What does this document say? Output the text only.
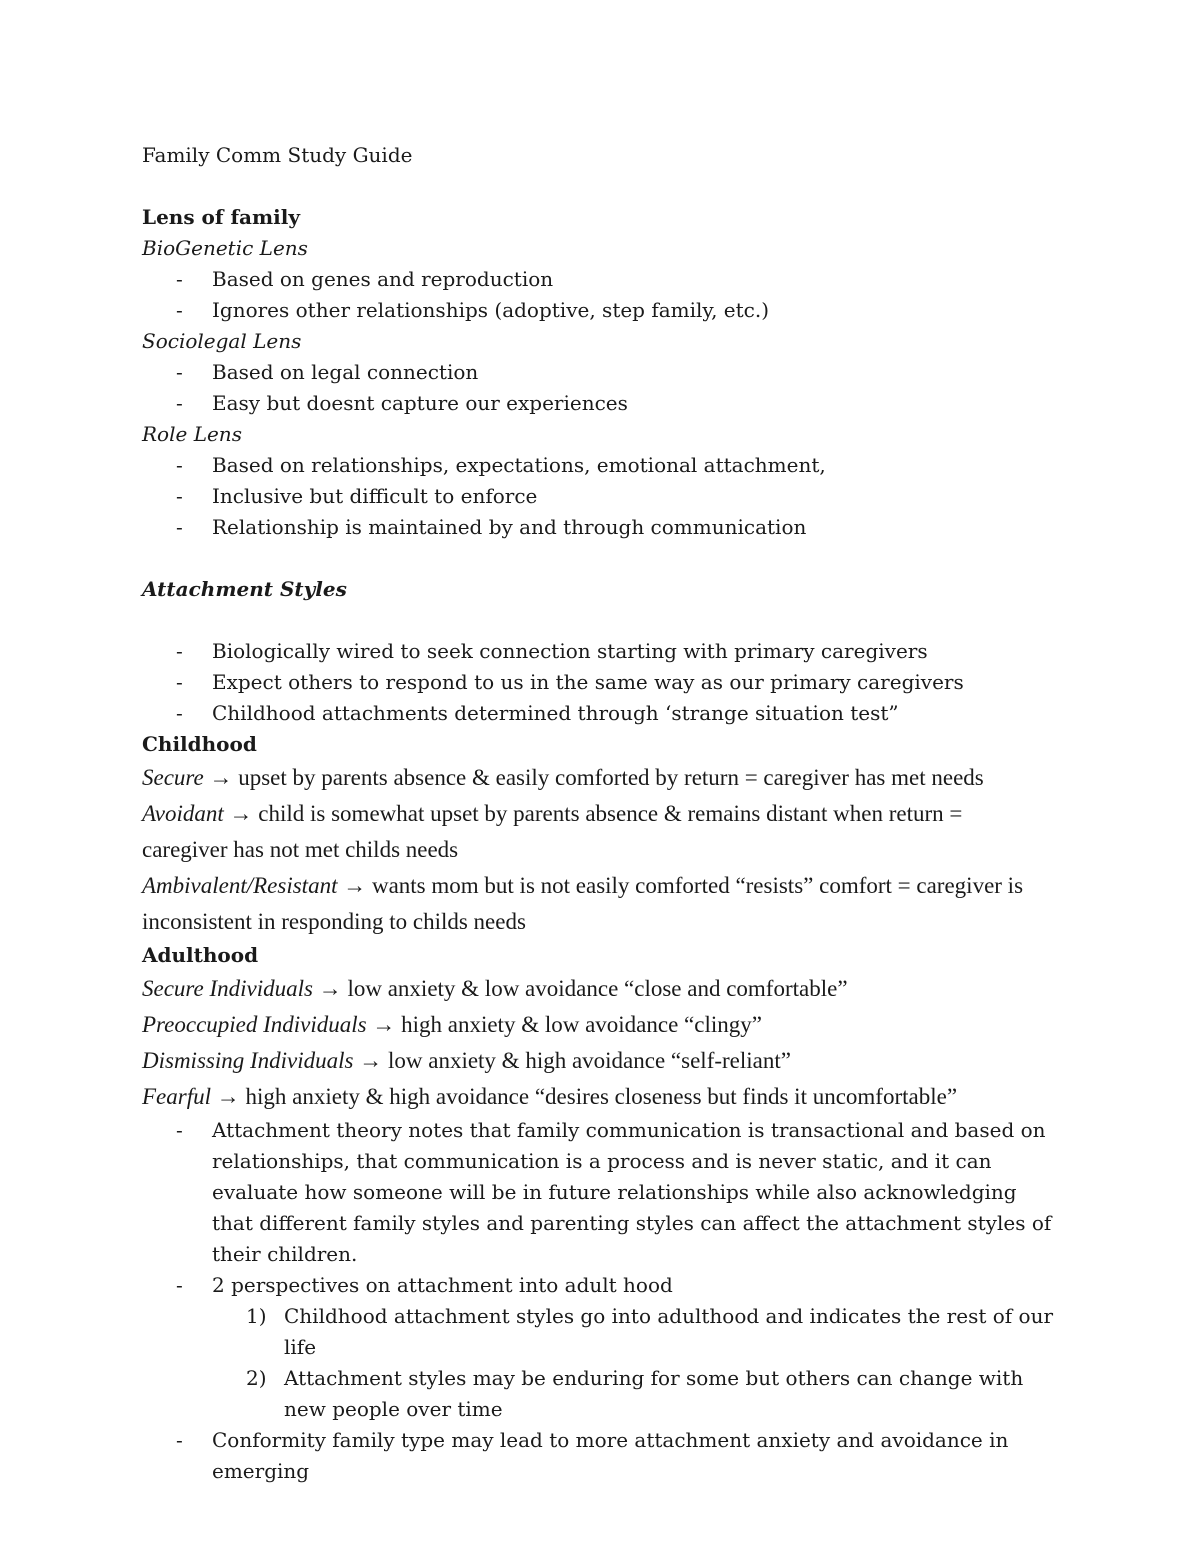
Family Comm Study Guide
Lens of family
BioGenetic Lens
- Based on genes and reproduction
- Ignores other relationships (adoptive, step family, etc.)
Sociolegal Lens
- Based on legal connection
- Easy but doesnt capture our experiences
Role Lens
- Based on relationships, expectations, emotional attachment,
- Inclusive but difficult to enforce
- Relationship is maintained by and through communication
Attachment Styles
- Biologically wired to seek connection starting with primary caregivers
- Expect others to respond to us in the same way as our primary caregivers
- Childhood attachments determined through ‘strange situation test”
Childhood
Secure → upset by parents absence & easily comforted by return = caregiver has met needs
Avoidant → child is somewhat upset by parents absence & remains distant when return = caregiver has not met childs needs
Ambivalent/Resistant → wants mom but is not easily comforted “resists” comfort = caregiver is inconsistent in responding to childs needs
Adulthood
Secure Individuals → low anxiety & low avoidance “close and comfortable”
Preoccupied Individuals → high anxiety & low avoidance “clingy”
Dismissing Individuals → low anxiety & high avoidance “self-reliant”
Fearful → high anxiety & high avoidance “desires closeness but finds it uncomfortable”
- Attachment theory notes that family communication is transactional and based on relationships, that communication is a process and is never static, and it can evaluate how someone will be in future relationships while also acknowledging that different family styles and parenting styles can affect the attachment styles of their children.
- 2 perspectives on attachment into adult hood
1) Childhood attachment styles go into adulthood and indicates the rest of our life
2) Attachment styles may be enduring for some but others can change with new people over time
- Conformity family type may lead to more attachment anxiety and avoidance in emerging
